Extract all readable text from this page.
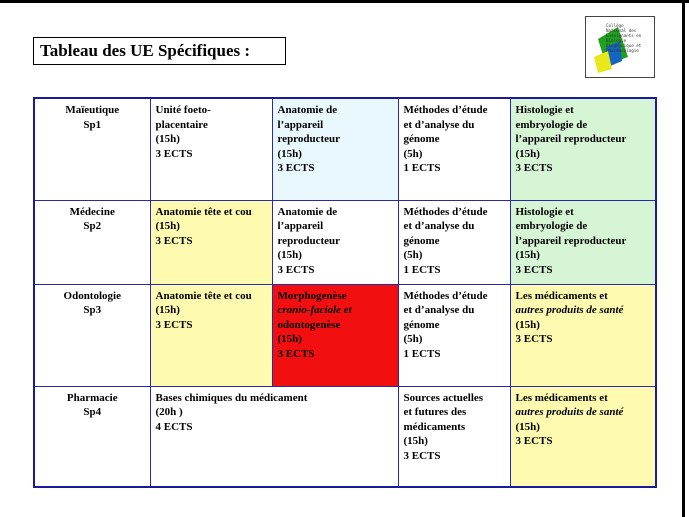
Tableau des UE Spécifiques :
Collège
National des
Enseignants en
Biologie
Biophysique et
Pharmacologie
Maïeutique
Sp1	Unité foeto-
placentaire
(15h)
3 ECTS	Anatomie de
l’appareil
reproducteur
(15h)
3 ECTS	Méthodes d’étude
et d’analyse du
génome
(5h)
1 ECTS	Histologie et
embryologie de
l’appareil reproducteur
(15h)
3 ECTS

Médecine
Sp2	Anatomie tête et cou
(15h)
3 ECTS	Anatomie de
l’appareil
reproducteur
(15h)
3 ECTS	Méthodes d’étude
et d’analyse du
génome
(5h)
1 ECTS	Histologie et
embryologie de
l’appareil reproducteur
(15h)
3 ECTS

Odontologie
Sp3	Anatomie tête et cou
(15h)
3 ECTS	Morphogenèse
cranio-faciale et
odontogenèse
(15h)
3 ECTS	Méthodes d’étude
et d’analyse du
génome
(5h)
1 ECTS	Les médicaments et
autres produits de santé
(15h)
3 ECTS

Pharmacie
Sp4	Bases chimiques du médicament
(20h )
4 ECTS		Sources actuelles
et futures des
médicaments
(15h)
3 ECTS	Les médicaments et
autres produits de santé
(15h)
3 ECTS
